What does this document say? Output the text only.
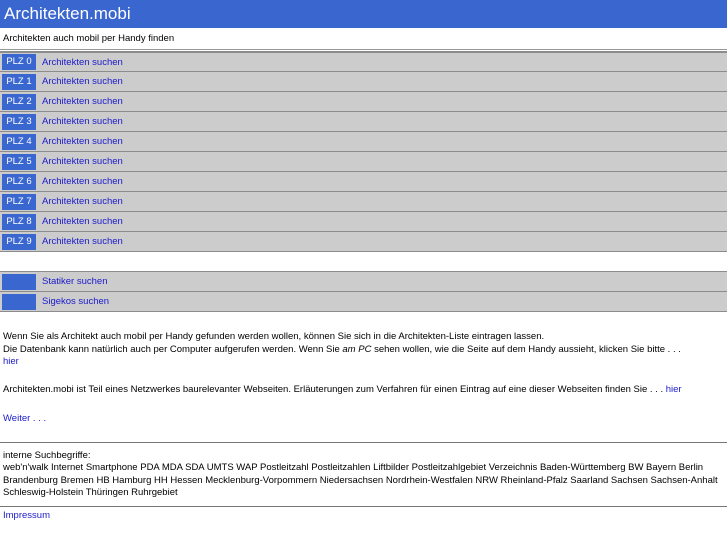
Architekten.mobi
Architekten auch mobil per Handy finden
PLZ 0	Architekten suchen
PLZ 1	Architekten suchen
PLZ 2	Architekten suchen
PLZ 3	Architekten suchen
PLZ 4	Architekten suchen
PLZ 5	Architekten suchen
PLZ 6	Architekten suchen
PLZ 7	Architekten suchen
PLZ 8	Architekten suchen
PLZ 9	Architekten suchen
Statiker suchen
Sigekos suchen
Wenn Sie als Architekt auch mobil per Handy gefunden werden wollen, können Sie sich in die Architekten-Liste eintragen lassen.
Die Datenbank kann natürlich auch per Computer aufgerufen werden. Wenn Sie am PC sehen wollen, wie die Seite auf dem Handy aussieht, klicken Sie bitte . . .
hier
Architekten.mobi ist Teil eines Netzwerkes baurelevanter Webseiten. Erläuterungen zum Verfahren für einen Eintrag auf eine dieser Webseiten finden Sie . . . hier
Weiter . . .
interne Suchbegriffe:
web'n'walk Internet Smartphone PDA MDA SDA UMTS WAP Postleitzahl Postleitzahlen Liftbilder Postleitzahlgebiet Verzeichnis Baden-Württemberg BW Bayern Berlin Brandenburg Bremen HB Hamburg HH Hessen Mecklenburg-Vorpommern Niedersachsen Nordrhein-Westfalen NRW Rheinland-Pfalz Saarland Sachsen Sachsen-Anhalt Schleswig-Holstein Thüringen Ruhrgebiet
Impressum
